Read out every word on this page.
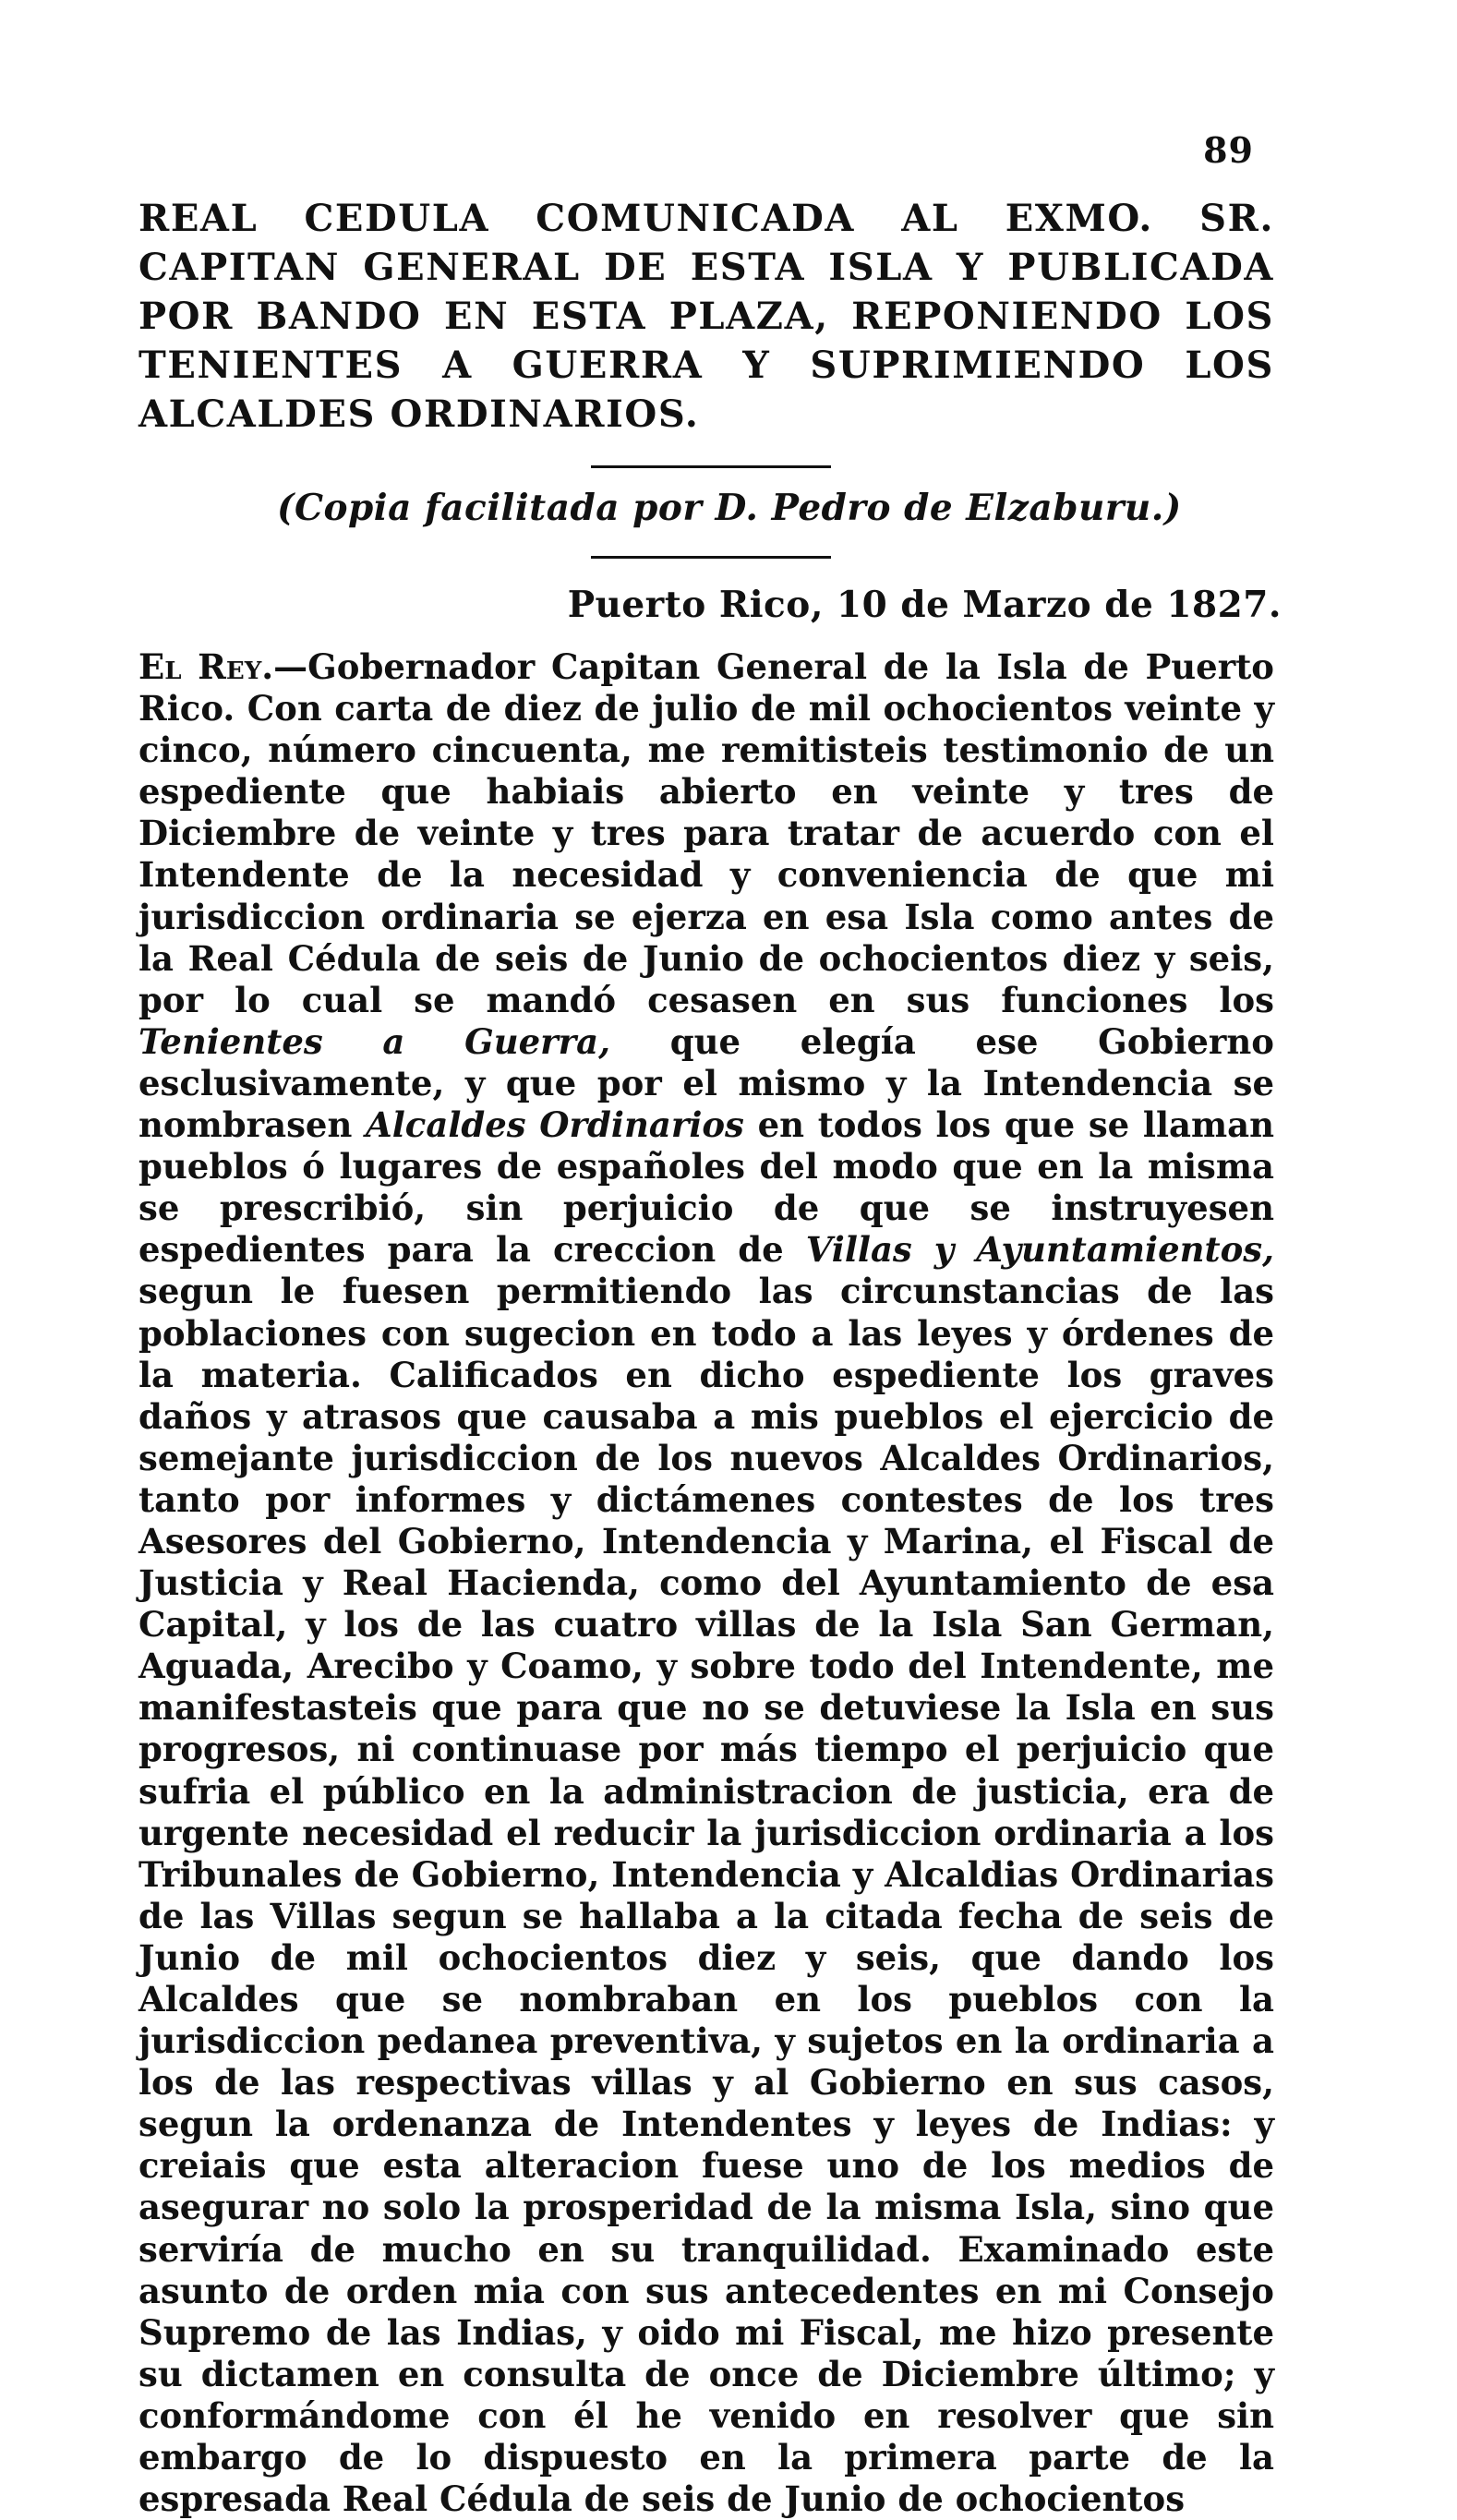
89
REAL CEDULA COMUNICADA AL EXMO. SR. CAPITAN GENERAL DE ESTA ISLA Y PUBLICADA POR BANDO EN ESTA PLAZA, REPONIENDO LOS TENIENTES A GUERRA Y SUPRIMIENDO LOS ALCALDES ORDINARIOS.
(Copia facilitada por D. Pedro de Elzaburu.)
Puerto Rico, 10 de Marzo de 1827.

El Rey.—Gobernador Capitan General de la Isla de Puerto Rico. Con carta de diez de julio de mil ochocientos veinte y cinco, número cincuenta, me remitisteis testimonio de un espediente que habiais abierto en veinte y tres de Diciembre de veinte y tres para tratar de acuerdo con el Intendente de la necesidad y conveniencia de que mi jurisdiccion ordinaria se ejerza en esa Isla como antes de la Real Cédula de seis de Junio de ochocientos diez y seis, por lo cual se mandó cesasen en sus funciones los Tenientes a Guerra, que elegía ese Gobierno esclusivamente, y que por el mismo y la Intendencia se nombrasen Alcaldes Ordinarios en todos los que se llaman pueblos ó lugares de españoles del modo que en la misma se prescribió, sin perjuicio de que se instruyesen espedientes para la creccion de Villas y Ayuntamientos, segun le fuesen permitiendo las circunstancias de las poblaciones con sugecion en todo a las leyes y órdenes de la materia. Calificados en dicho espediente los graves daños y atrasos que causaba a mis pueblos el ejercicio de semejante jurisdiccion de los nuevos Alcaldes Ordinarios, tanto por informes y dictámenes contestes de los tres Asesores del Gobierno, Intendencia y Marina, el Fiscal de Justicia y Real Hacienda, como del Ayuntamiento de esa Capital, y los de las cuatro villas de la Isla San German, Aguada, Arecibo y Coamo, y sobre todo del Intendente, me manifestasteis que para que no se detuviese la Isla en sus progresos, ni continuase por más tiempo el perjuicio que sufria el público en la administracion de justicia, era de urgente necesidad el reducir la jurisdiccion ordinaria a los Tribunales de Gobierno, Intendencia y Alcaldias Ordinarias de las Villas segun se hallaba a la citada fecha de seis de Junio de mil ochocientos diez y seis, que dando los Alcaldes que se nombraban en los pueblos con la jurisdiccion pedanea preventiva, y sujetos en la ordinaria a los de las respectivas villas y al Gobierno en sus casos, segun la ordenanza de Intendentes y leyes de Indias: y creiais que esta alteracion fuese uno de los medios de asegurar no solo la prosperidad de la misma Isla, sino que serviría de mucho en su tranquilidad. Examinado este asunto de orden mia con sus antecedentes en mi Consejo Supremo de las Indias, y oido mi Fiscal, me hizo presente su dictamen en consulta de once de Diciembre último; y conformándome con él he venido en resolver que sin embargo de lo dispuesto en la primera parte de la espresada Real Cédula de seis de Junio de ochocientos
